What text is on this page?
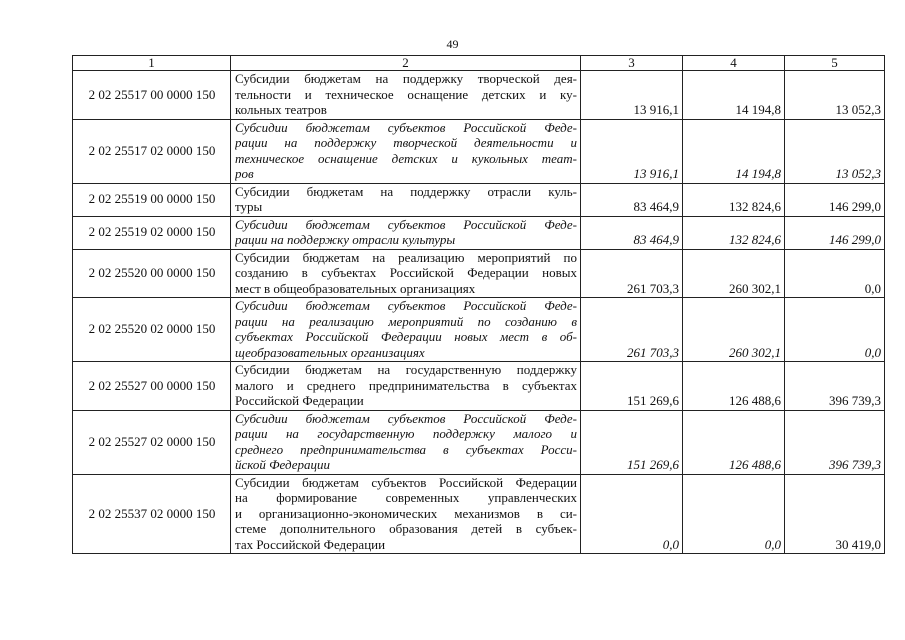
49
1	2	3	4	5
2 02 25517 00 0000 150	Субсидии бюджетам на поддержку творческой дея-
тельности и техническое оснащение детских и ку-
кольных театров	13 916,1	14 194,8	13 052,3
2 02 25517 02 0000 150	Субсидии бюджетам субъектов Российской Феде-
рации на поддержку творческой деятельности и
техническое оснащение детских и кукольных теат-
ров	13 916,1	14 194,8	13 052,3
2 02 25519 00 0000 150	Субсидии бюджетам на поддержку отрасли куль-
туры	83 464,9	132 824,6	146 299,0
2 02 25519 02 0000 150	Субсидии бюджетам субъектов Российской Феде-
рации на поддержку отрасли культуры	83 464,9	132 824,6	146 299,0
2 02 25520 00 0000 150	Субсидии бюджетам на реализацию мероприятий по
созданию в субъектах Российской Федерации новых
мест в общеобразовательных организациях	261 703,3	260 302,1	0,0
2 02 25520 02 0000 150	Субсидии бюджетам субъектов Российской Феде-
рации на реализацию мероприятий по созданию в
субъектах Российской Федерации новых мест в об-
щеобразовательных организациях	261 703,3	260 302,1	0,0
2 02 25527 00 0000 150	Субсидии бюджетам на государственную поддержку
малого и среднего предпринимательства в субъектах
Российской Федерации	151 269,6	126 488,6	396 739,3
2 02 25527 02 0000 150	Субсидии бюджетам субъектов Российской Феде-
рации на государственную поддержку малого и
среднего предпринимательства в субъектах Росси-
йской Федерации	151 269,6	126 488,6	396 739,3
2 02 25537 02 0000 150	Субсидии бюджетам субъектов Российской Федерации
на формирование современных управленческих
и организационно-экономических механизмов в си-
стеме дополнительного образования детей в субъек-
тах Российской Федерации	0,0	0,0	30 419,0
